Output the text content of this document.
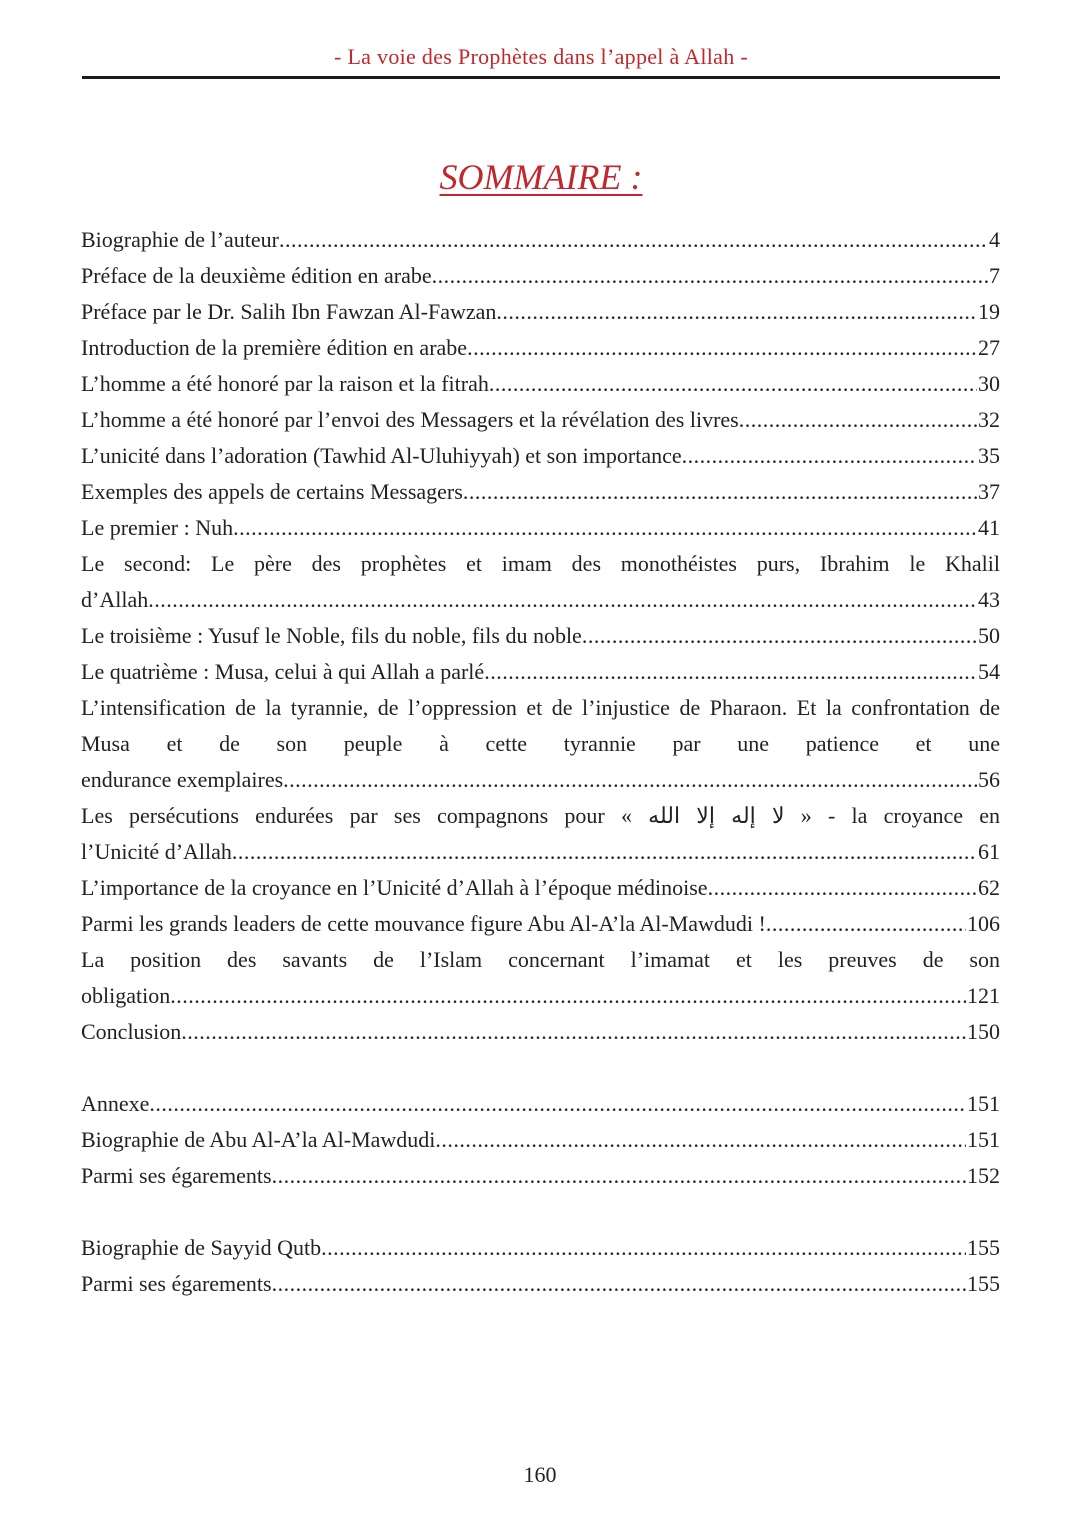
- La voie des Prophètes dans l’appel à Allah -
SOMMAIRE :
Biographie de l’auteur .....	4
Préface de la deuxième édition en arabe .....	7
Préface par le Dr. Salih Ibn Fawzan Al-Fawzan .....	19
Introduction de la première édition en arabe .....	27
L’homme a été honoré par la raison et la fitrah .....	30
L’homme a été honoré par l’envoi des Messagers et la révélation des livres .....	32
L’unicité dans l’adoration (Tawhid Al-Uluhiyyah) et son importance .....	35
Exemples des appels de certains Messagers .....	37
Le premier : Nuh .....	41
Le second: Le père des prophètes et imam des monothéistes purs, Ibrahim le Khalil
d’Allah .....	43
Le troisième : Yusuf le Noble, fils du noble, fils du noble .....	50
Le quatrième : Musa, celui à qui Allah a parlé .....	54
L’intensification de la tyrannie, de l’oppression et de l’injustice de Pharaon. Et la confrontation de Musa et de son peuple à cette tyrannie par une patience et une
endurance exemplaires .....	56
Les persécutions endurées par ses compagnons pour « لا إله إلا الله » - la croyance en
l’Unicité d’Allah .....	61
L’importance de la croyance en l’Unicité d’Allah à l’époque médinoise .....	62
Parmi les grands leaders de cette mouvance figure Abu Al-A’la Al-Mawdudi ! .....	106
La position des savants de l’Islam concernant l’imamat et les preuves de son
obligation .....	121
Conclusion .....	150
Annexe .....	151
Biographie de Abu Al-A’la Al-Mawdudi .....	151
Parmi ses égarements .....	152
Biographie de Sayyid Qutb .....	155
Parmi ses égarements .....	155
160
